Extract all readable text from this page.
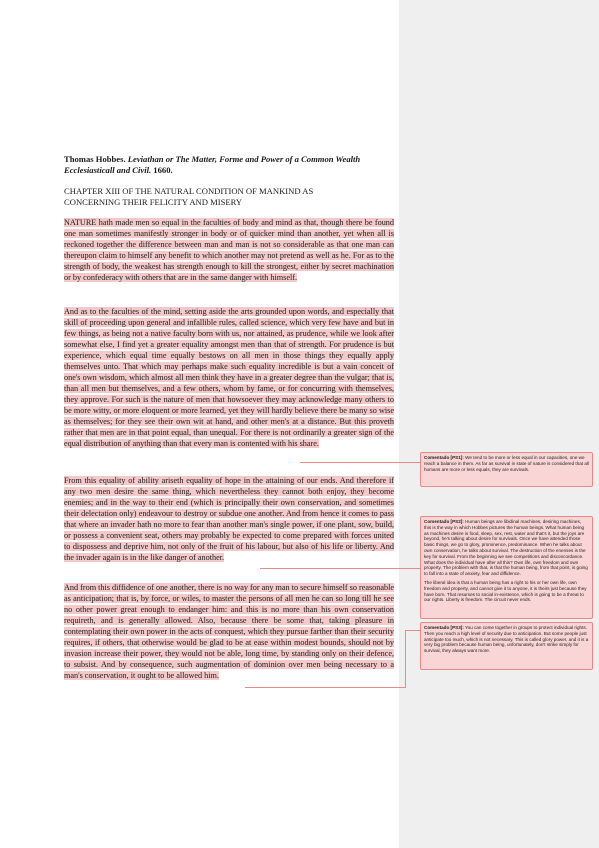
Thomas Hobbes. Leviathan or The Matter, Forme and Power of a Common Wealth Ecclesiasticall and Civil. 1660.
CHAPTER XIII OF THE NATURAL CONDITION OF MANKIND AS CONCERNING THEIR FELICITY AND MISERY
NATURE hath made men so equal in the faculties of body and mind as that, though there be found one man sometimes manifestly stronger in body or of quicker mind than another, yet when all is reckoned together the difference between man and man is not so considerable as that one man can thereupon claim to himself any benefit to which another may not pretend as well as he. For as to the strength of body, the weakest has strength enough to kill the strongest, either by secret machination or by confederacy with others that are in the same danger with himself.
And as to the faculties of the mind, setting aside the arts grounded upon words, and especially that skill of proceeding upon general and infallible rules, called science, which very few have and but in few things, as being not a native faculty born with us, nor attained, as prudence, while we look after somewhat else, I find yet a greater equality amongst men than that of strength. For prudence is but experience, which equal time equally bestows on all men in those things they equally apply themselves unto. That which may perhaps make such equality incredible is but a vain conceit of one's own wisdom, which almost all men think they have in a greater degree than the vulgar; that is, than all men but themselves, and a few others, whom by fame, or for concurring with themselves, they approve. For such is the nature of men that howsoever they may acknowledge many others to be more witty, or more eloquent or more learned, yet they will hardly believe there be many so wise as themselves; for they see their own wit at hand, and other men's at a distance. But this proveth rather that men are in that point equal, than unequal. For there is not ordinarily a greater sign of the equal distribution of anything than that every man is contented with his share.
From this equality of ability ariseth equality of hope in the attaining of our ends. And therefore if any two men desire the same thing, which nevertheless they cannot both enjoy, they become enemies; and in the way to their end (which is principally their own conservation, and sometimes their delectation only) endeavour to destroy or subdue one another. And from hence it comes to pass that where an invader hath no more to fear than another man's single power, if one plant, sow, build, or possess a convenient seat, others may probably be expected to come prepared with forces united to dispossess and deprive him, not only of the fruit of his labour, but also of his life or liberty. And the invader again is in the like danger of another.
And from this diffidence of one another, there is no way for any man to secure himself so reasonable as anticipation; that is, by force, or wiles, to master the persons of all men he can so long till he see no other power great enough to endanger him: and this is no more than his own conservation requireth, and is generally allowed. Also, because there be some that, taking pleasure in contemplating their own power in the acts of conquest, which they pursue farther than their security requires, if others, that otherwise would be glad to be at ease within modest bounds, should not by invasion increase their power, they would not be able, long time, by standing only on their defence, to subsist. And by consequence, such augmentation of dominion over men being necessary to a man's conservation, it ought to be allowed him.

Comentado [PS1]: We tend to be more or less equal in our capacities, one we reach a balance in them. As far as survival in state of nature is considered that all humans are more or less equals, they are survivals.

Comentado [PS2]: Human beings are libidinal machines, desiring machines, this is the way in which Hobbes pictures the human beings. What human being as machines desire is food, sleep, sex, rest, water and that's it, but the joys are beyond, he's talking about desire for survivals. Once we have attended those basic things, we go to glory, prominence, predominance. When he talks about own conservation, he talks about survival. The destruction of the enemies is the key for survival. From the beginning we see competitions and disconcordance. What does the individual have after all this? Own life, own freedom and own property. The problem with that, is that the human being, from that point, is going to fall into a state of anxiety, fear and diffidence.

The liberal idea is that a human being has a right to his or her own life, own freedom and property, and cannot give it to anyone, it is theirs just because they have born. That resumes to social in-existence, which is going to be a threat to our rights. Liberty is freedom. The circuit never ends.

Comentado [PS3]: You can come together in groups to protect individual rights. Then you reach a high level of security due to anticipation. But some people just anticipate too much, which is not necessary. This is called glory power, and it is a very big problem because human being, unfortunately, don't strike simply for survival, they always want more.
